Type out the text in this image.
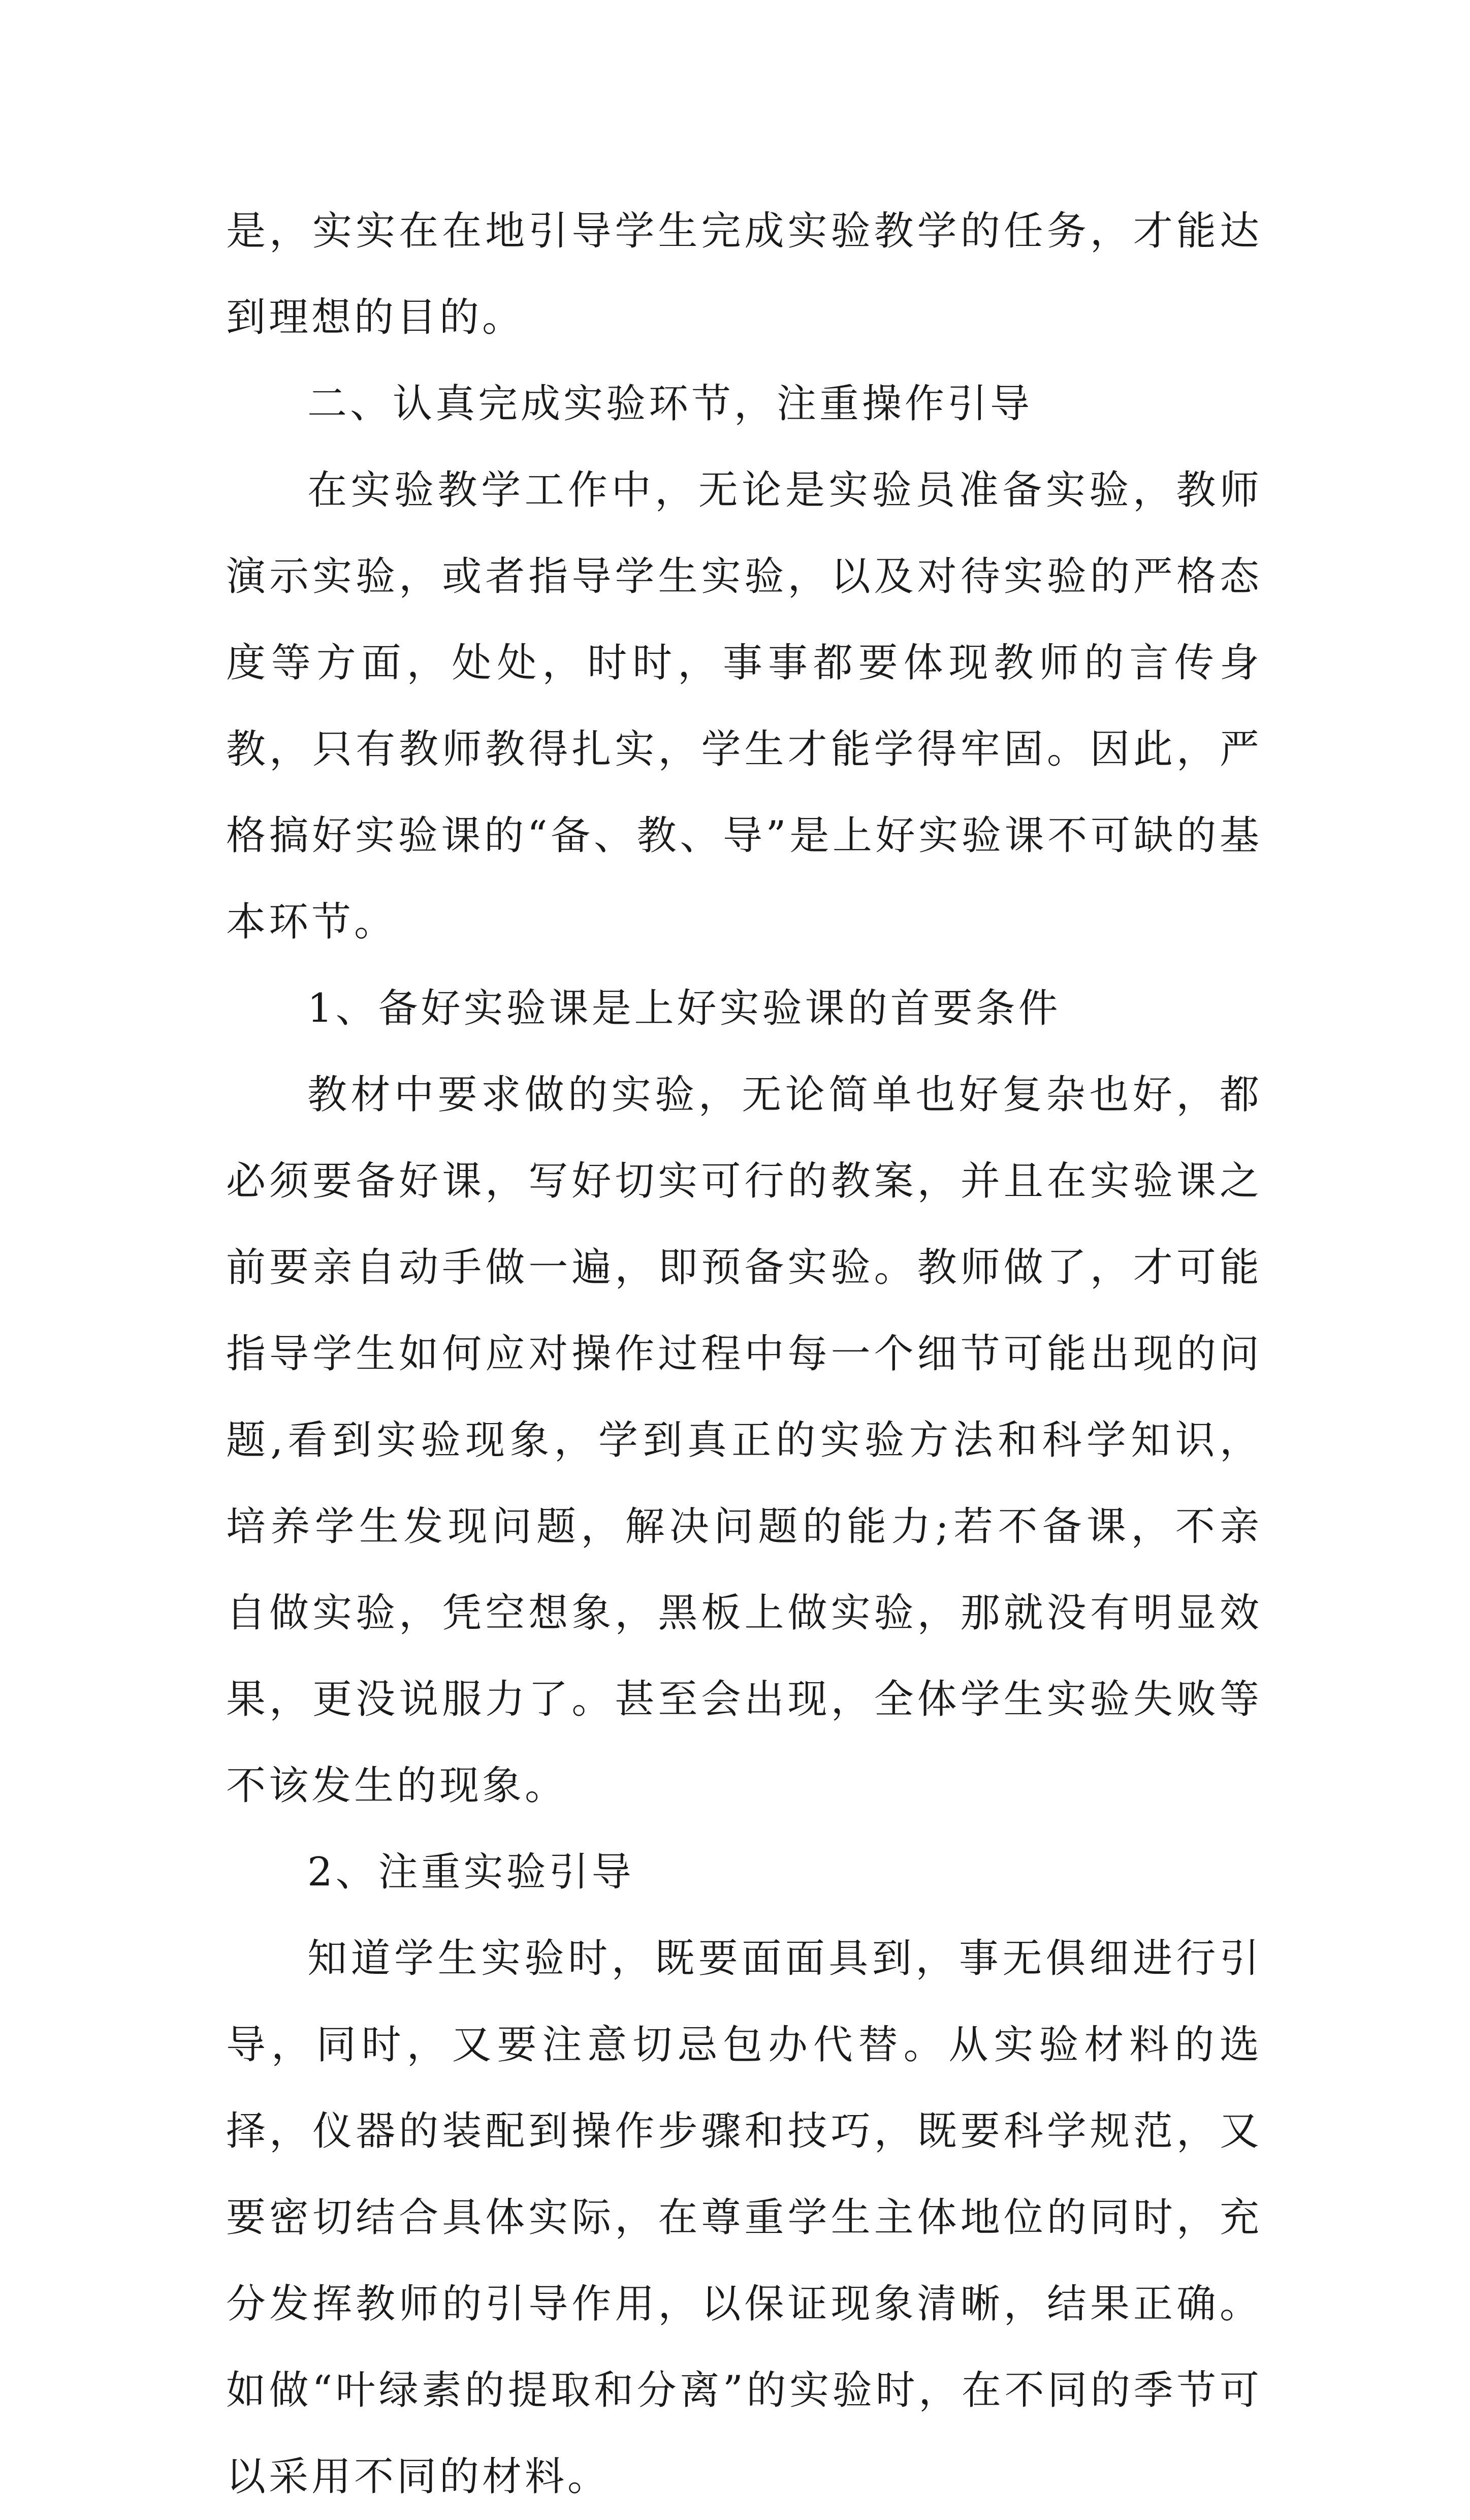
是，实实在在地引导学生完成实验教学的任务，才能达到理想的目的。

二、认真完成实验环节，注重操作引导

在实验教学工作中，无论是实验员准备实验，教师演示实验，或者指导学生实验，以及对待实验的严格态度等方面，处处，时时，事事都要体现教师的言传身教，只有教师教得扎实，学生才能学得牢固。因此，严格搞好实验课的“备、教、导”是上好实验课不可缺的基本环节。

1、备好实验课是上好实验课的首要条件

教材中要求做的实验，无论简单也好复杂也好，都必须要备好课，写好切实可行的教案，并且在实验课之前要亲自动手做一遍，即预备实验。教师做了，才可能指导学生如何应对操作过程中每一个细节可能出现的问题,看到实验现象，学到真正的实验方法和科学知识，培养学生发现问题，解决问题的能力;若不备课，不亲自做实验，凭空想象，黑板上做实验，那就没有明显效果，更没说服力了。甚至会出现，全体学生实验失败等不该发生的现象。

2、注重实验引导

知道学生实验时，既要面面具到，事无俱细进行引导，同时，又要注意切忌包办代替。从实验材料的选择，仪器的装配到操作步骤和技巧，既要科学规范，又要密切结合具体实际，在尊重学生主体地位的同时，充分发挥教师的引导作用，以保证现象清晰，结果正确。如做“叶绿素的提取和分离”的实验时，在不同的季节可以采用不同的材料。
